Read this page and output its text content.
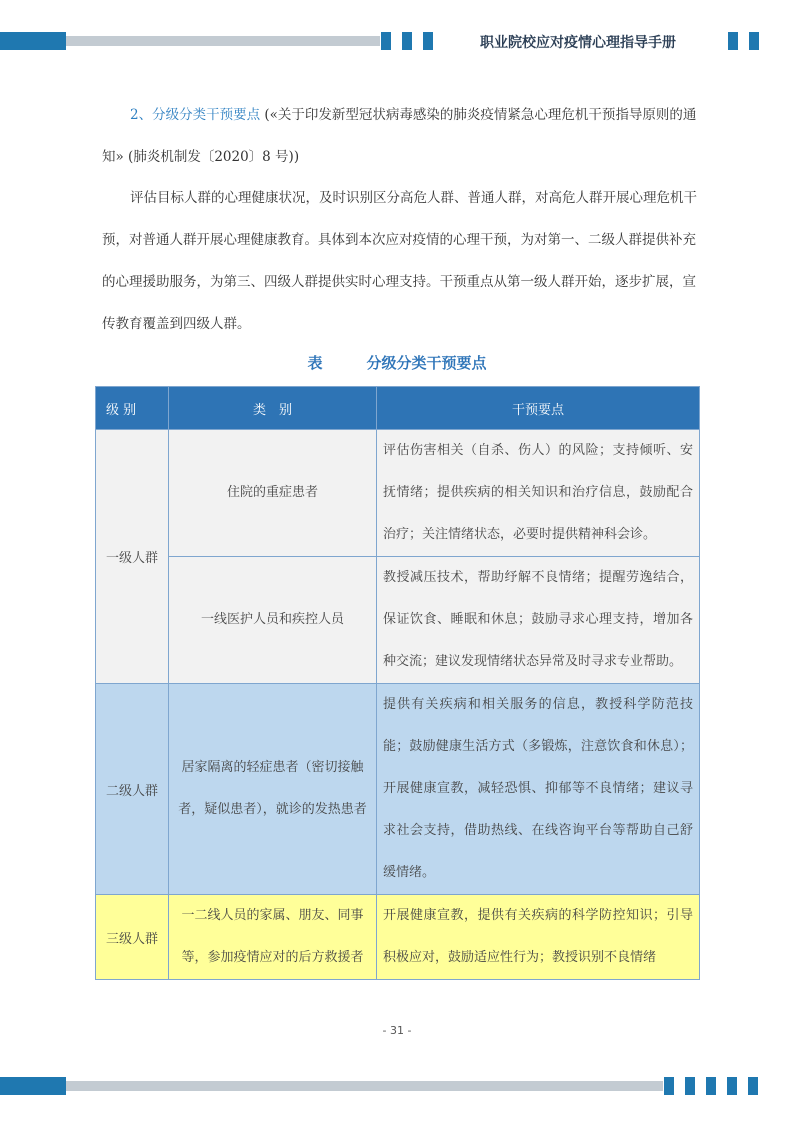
职业院校应对疫情心理指导手册
2、分级分类干预要点 («关于印发新型冠状病毒感染的肺炎疫情紧急心理危机干预指导原则的通知» (肺炎机制发〔2020〕8 号))
评估目标人群的心理健康状况，及时识别区分高危人群、普通人群，对高危人群开展心理危机干预，对普通人群开展心理健康教育。具体到本次应对疫情的心理干预，为对第一、二级人群提供补充的心理援助服务，为第三、四级人群提供实时心理支持。干预重点从第一级人群开始，逐步扩展，宣传教育覆盖到四级人群。
表	分级分类干预要点
级 别	类　别	干预要点
一级人群	住院的重症患者	评估伤害相关（自杀、伤人）的风险；支持倾听、安抚情绪；提供疾病的相关知识和治疗信息，鼓励配合治疗；关注情绪状态，必要时提供精神科会诊。
	一线医护人员和疾控人员	教授减压技术，帮助纾解不良情绪；提醒劳逸结合，保证饮食、睡眠和休息；鼓励寻求心理支持，增加各种交流；建议发现情绪状态异常及时寻求专业帮助。
二级人群	居家隔离的轻症患者（密切接触者，疑似患者），就诊的发热患者	提供有关疾病和相关服务的信息，教授科学防范技能；鼓励健康生活方式（多锻炼，注意饮食和休息）；开展健康宣教，减轻恐惧、抑郁等不良情绪；建议寻求社会支持，借助热线、在线咨询平台等帮助自己舒缓情绪。
三级人群	一二线人员的家属、朋友、同事等，参加疫情应对的后方救援者	开展健康宣教，提供有关疾病的科学防控知识；引导积极应对，鼓励适应性行为；教授识别不良情绪
- 31 -
